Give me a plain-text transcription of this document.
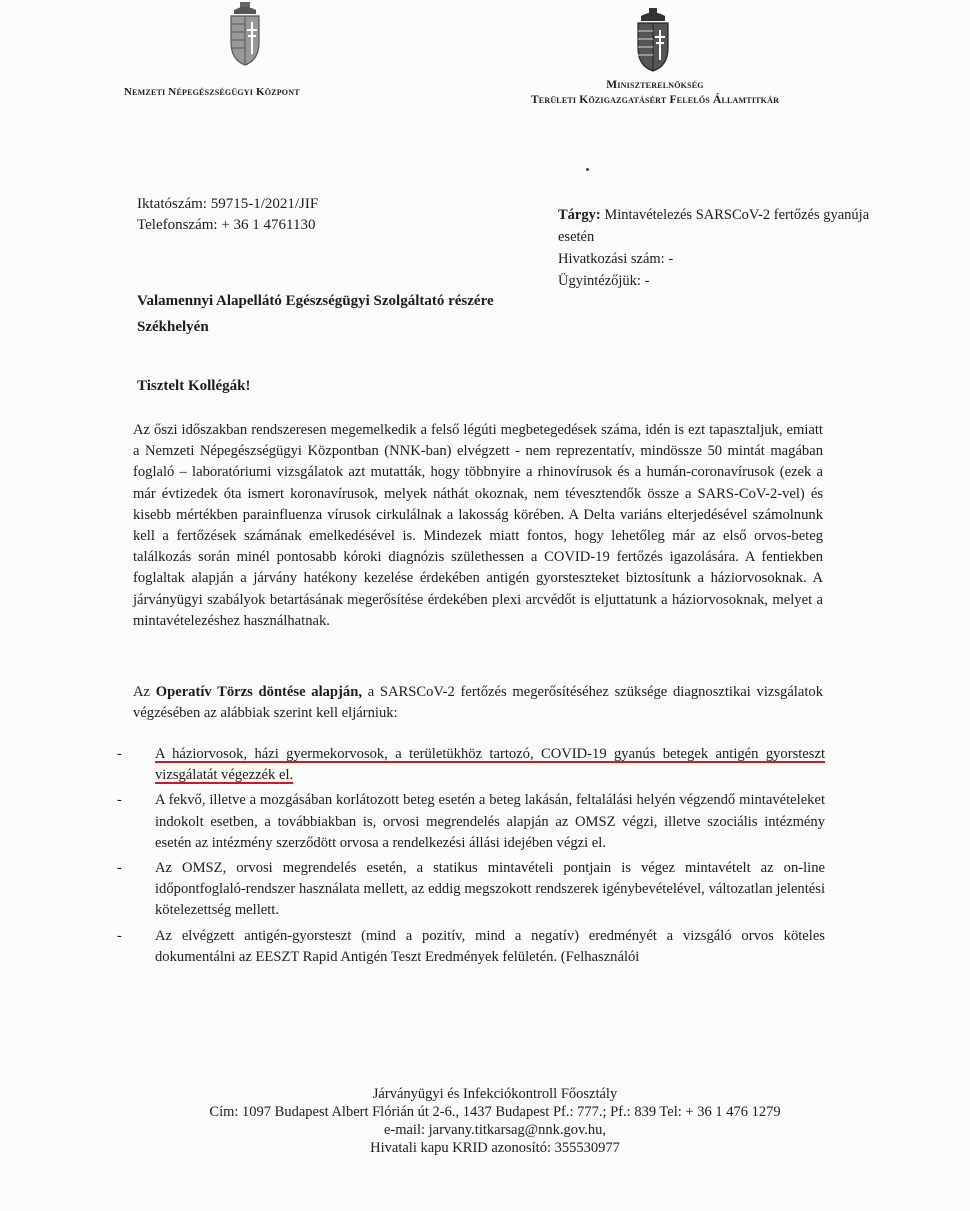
Nemzeti Népegészségügyi Központ
Miniszterelnökség
Területi Közigazgatásért Felelős Államtitkár
Iktatószám: 59715-1/2021/JIF
Telefonszám: + 36 1 4761130
Tárgy: Mintavételezés SARSCoV-2 fertőzés gyanúja esetén
Hivatkozási szám: -
Ügyintézőjük: -
Valamennyi Alapellátó Egészségügyi Szolgáltató részére
Székhelyén
Tisztelt Kollégák!
Az őszi időszakban rendszeresen megemelkedik a felső légúti megbetegedések száma, idén is ezt tapasztaljuk, emiatt a Nemzeti Népegészségügyi Központban (NNK-ban) elvégzett - nem reprezentatív, mindössze 50 mintát magában foglaló – laboratóriumi vizsgálatok azt mutatták, hogy többnyire a rhinovírusok és a humán-coronavírusok (ezek a már évtizedek óta ismert koronavírusok, melyek náthát okoznak, nem tévesztendők össze a SARS-CoV-2-vel) és kisebb mértékben parainfluenza vírusok cirkulálnak a lakosság körében. A Delta variáns elterjedésével számolnunk kell a fertőzések számának emelkedésével is. Mindezek miatt fontos, hogy lehetőleg már az első orvos-beteg találkozás során minél pontosabb kóroki diagnózis születhessen a COVID-19 fertőzés igazolására. A fentiekben foglaltak alapján a járvány hatékony kezelése érdekében antigén gyorsteszteket biztosítunk a háziorvosoknak. A járványügyi szabályok betartásának megerősítése érdekében plexi arcvédőt is eljuttatunk a háziorvosoknak, melyet a mintavételezéshez használhatnak.
Az Operatív Törzs döntése alapján, a SARSCoV-2 fertőzés megerősítéséhez szüksége diagnosztikai vizsgálatok végzésében az alábbiak szerint kell eljárniuk:
- A háziorvosok, házi gyermekorvosok, a területükhöz tartozó, COVID-19 gyanús betegek antigén gyorsteszt vizsgálatát végezzék el.
- A fekvő, illetve a mozgásában korlátozott beteg esetén a beteg lakásán, feltalálási helyén végzendő mintavételeket indokolt esetben, a továbbiakban is, orvosi megrendelés alapján az OMSZ végzi, illetve szociális intézmény esetén az intézmény szerződött orvosa a rendelkezési állási idejében végzi el.
- Az OMSZ, orvosi megrendelés esetén, a statikus mintavételi pontjain is végez mintavételt az on-line időpontfoglaló-rendszer használata mellett, az eddig megszokott rendszerek igénybevételével, változatlan jelentési kötelezettség mellett.
- Az elvégzett antigén-gyorsteszt (mind a pozitív, mind a negatív) eredményét a vizsgáló orvos köteles dokumentálni az EESZT Rapid Antigén Teszt Eredmények felületén. (Felhasználói
Járványügyi és Infekciókontroll Főosztály
Cím: 1097 Budapest Albert Flórián út 2-6., 1437 Budapest Pf.: 777.; Pf.: 839 Tel: + 36 1 476 1279
e-mail: jarvany.titkarsag@nnk.gov.hu,
Hivatali kapu KRID azonosító: 355530977
